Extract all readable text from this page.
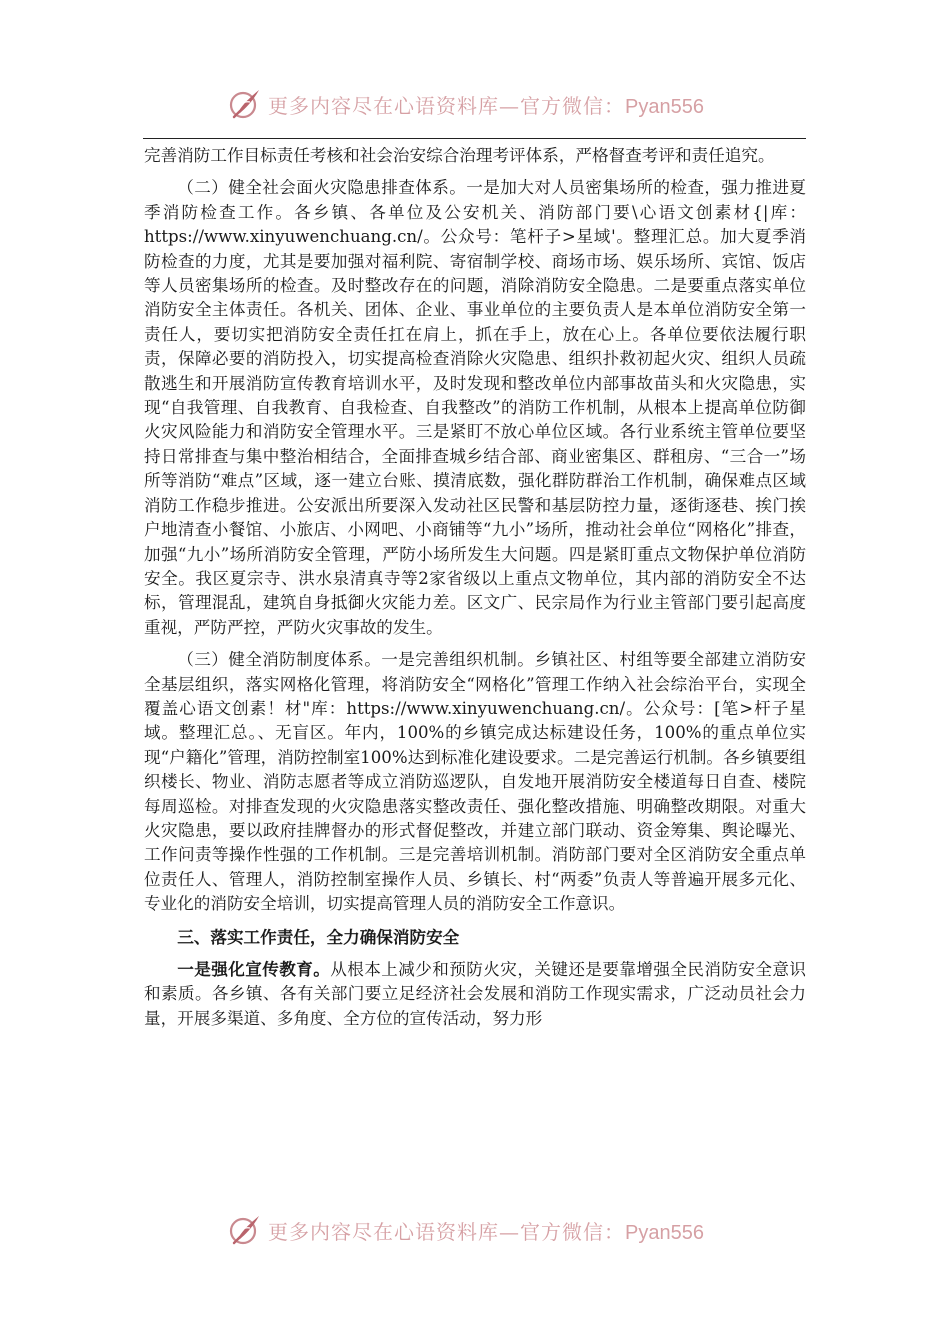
更多内容尽在心语资料库—官方微信：Pyan556

完善消防工作目标责任考核和社会治安综合治理考评体系，严格督查考评和责任追究。

（二）健全社会面火灾隐患排查体系。一是加大对人员密集场所的检查，强力推进夏季消防检查工作。各乡镇、各单位及公安机关、消防部门要\心语文创素材{|库：https://www.xinyuwenchuang.cn/。公众号：笔杆子>星域'。整理汇总。加大夏季消防检查的力度，尤其是要加强对福利院、寄宿制学校、商场市场、娱乐场所、宾馆、饭店等人员密集场所的检查。及时整改存在的问题，消除消防安全隐患。二是要重点落实单位消防安全主体责任。各机关、团体、企业、事业单位的主要负责人是本单位消防安全第一责任人，要切实把消防安全责任扛在肩上，抓在手上，放在心上。各单位要依法履行职责，保障必要的消防投入，切实提高检查消除火灾隐患、组织扑救初起火灾、组织人员疏散逃生和开展消防宣传教育培训水平，及时发现和整改单位内部事故苗头和火灾隐患，实现“自我管理、自我教育、自我检查、自我整改”的消防工作机制，从根本上提高单位防御火灾风险能力和消防安全管理水平。三是紧盯不放心单位区域。各行业系统主管单位要坚持日常排查与集中整治相结合，全面排查城乡结合部、商业密集区、群租房、“三合一”场所等消防“难点”区域，逐一建立台账、摸清底数，强化群防群治工作机制，确保难点区域消防工作稳步推进。公安派出所要深入发动社区民警和基层防控力量，逐街逐巷、挨门挨户地清查小餐馆、小旅店、小网吧、小商铺等“九小”场所，推动社会单位“网格化”排查，加强“九小”场所消防安全管理，严防小场所发生大问题。四是紧盯重点文物保护单位消防安全。我区夏宗寺、洪水泉清真寺等2家省级以上重点文物单位，其内部的消防安全不达标，管理混乱，建筑自身抵御火灾能力差。区文广、民宗局作为行业主管部门要引起高度重视，严防严控，严防火灾事故的发生。

（三）健全消防制度体系。一是完善组织机制。乡镇社区、村组等要全部建立消防安全基层组织，落实网格化管理，将消防安全“网格化”管理工作纳入社会综治平台，实现全覆盖心语文创素！材"库：https://www.xinyuwenchuang.cn/。公众号：[笔>杆子星域。整理汇总。、无盲区。年内，100%的乡镇完成达标建设任务，100%的重点单位实现“户籍化”管理，消防控制室100%达到标准化建设要求。二是完善运行机制。各乡镇要组织楼长、物业、消防志愿者等成立消防巡逻队，自发地开展消防安全楼道每日自查、楼院每周巡检。对排查发现的火灾隐患落实整改责任、强化整改措施、明确整改期限。对重大火灾隐患，要以政府挂牌督办的形式督促整改，并建立部门联动、资金筹集、舆论曝光、工作问责等操作性强的工作机制。三是完善培训机制。消防部门要对全区消防安全重点单位责任人、管理人，消防控制室操作人员、乡镇长、村“两委”负责人等普遍开展多元化、专业化的消防安全培训，切实提高管理人员的消防安全工作意识。

三、落实工作责任，全力确保消防安全

一是强化宣传教育。从根本上减少和预防火灾，关键还是要靠增强全民消防安全意识和素质。各乡镇、各有关部门要立足经济社会发展和消防工作现实需求，广泛动员社会力量，开展多渠道、多角度、全方位的宣传活动，努力形

更多内容尽在心语资料库—官方微信：Pyan556
